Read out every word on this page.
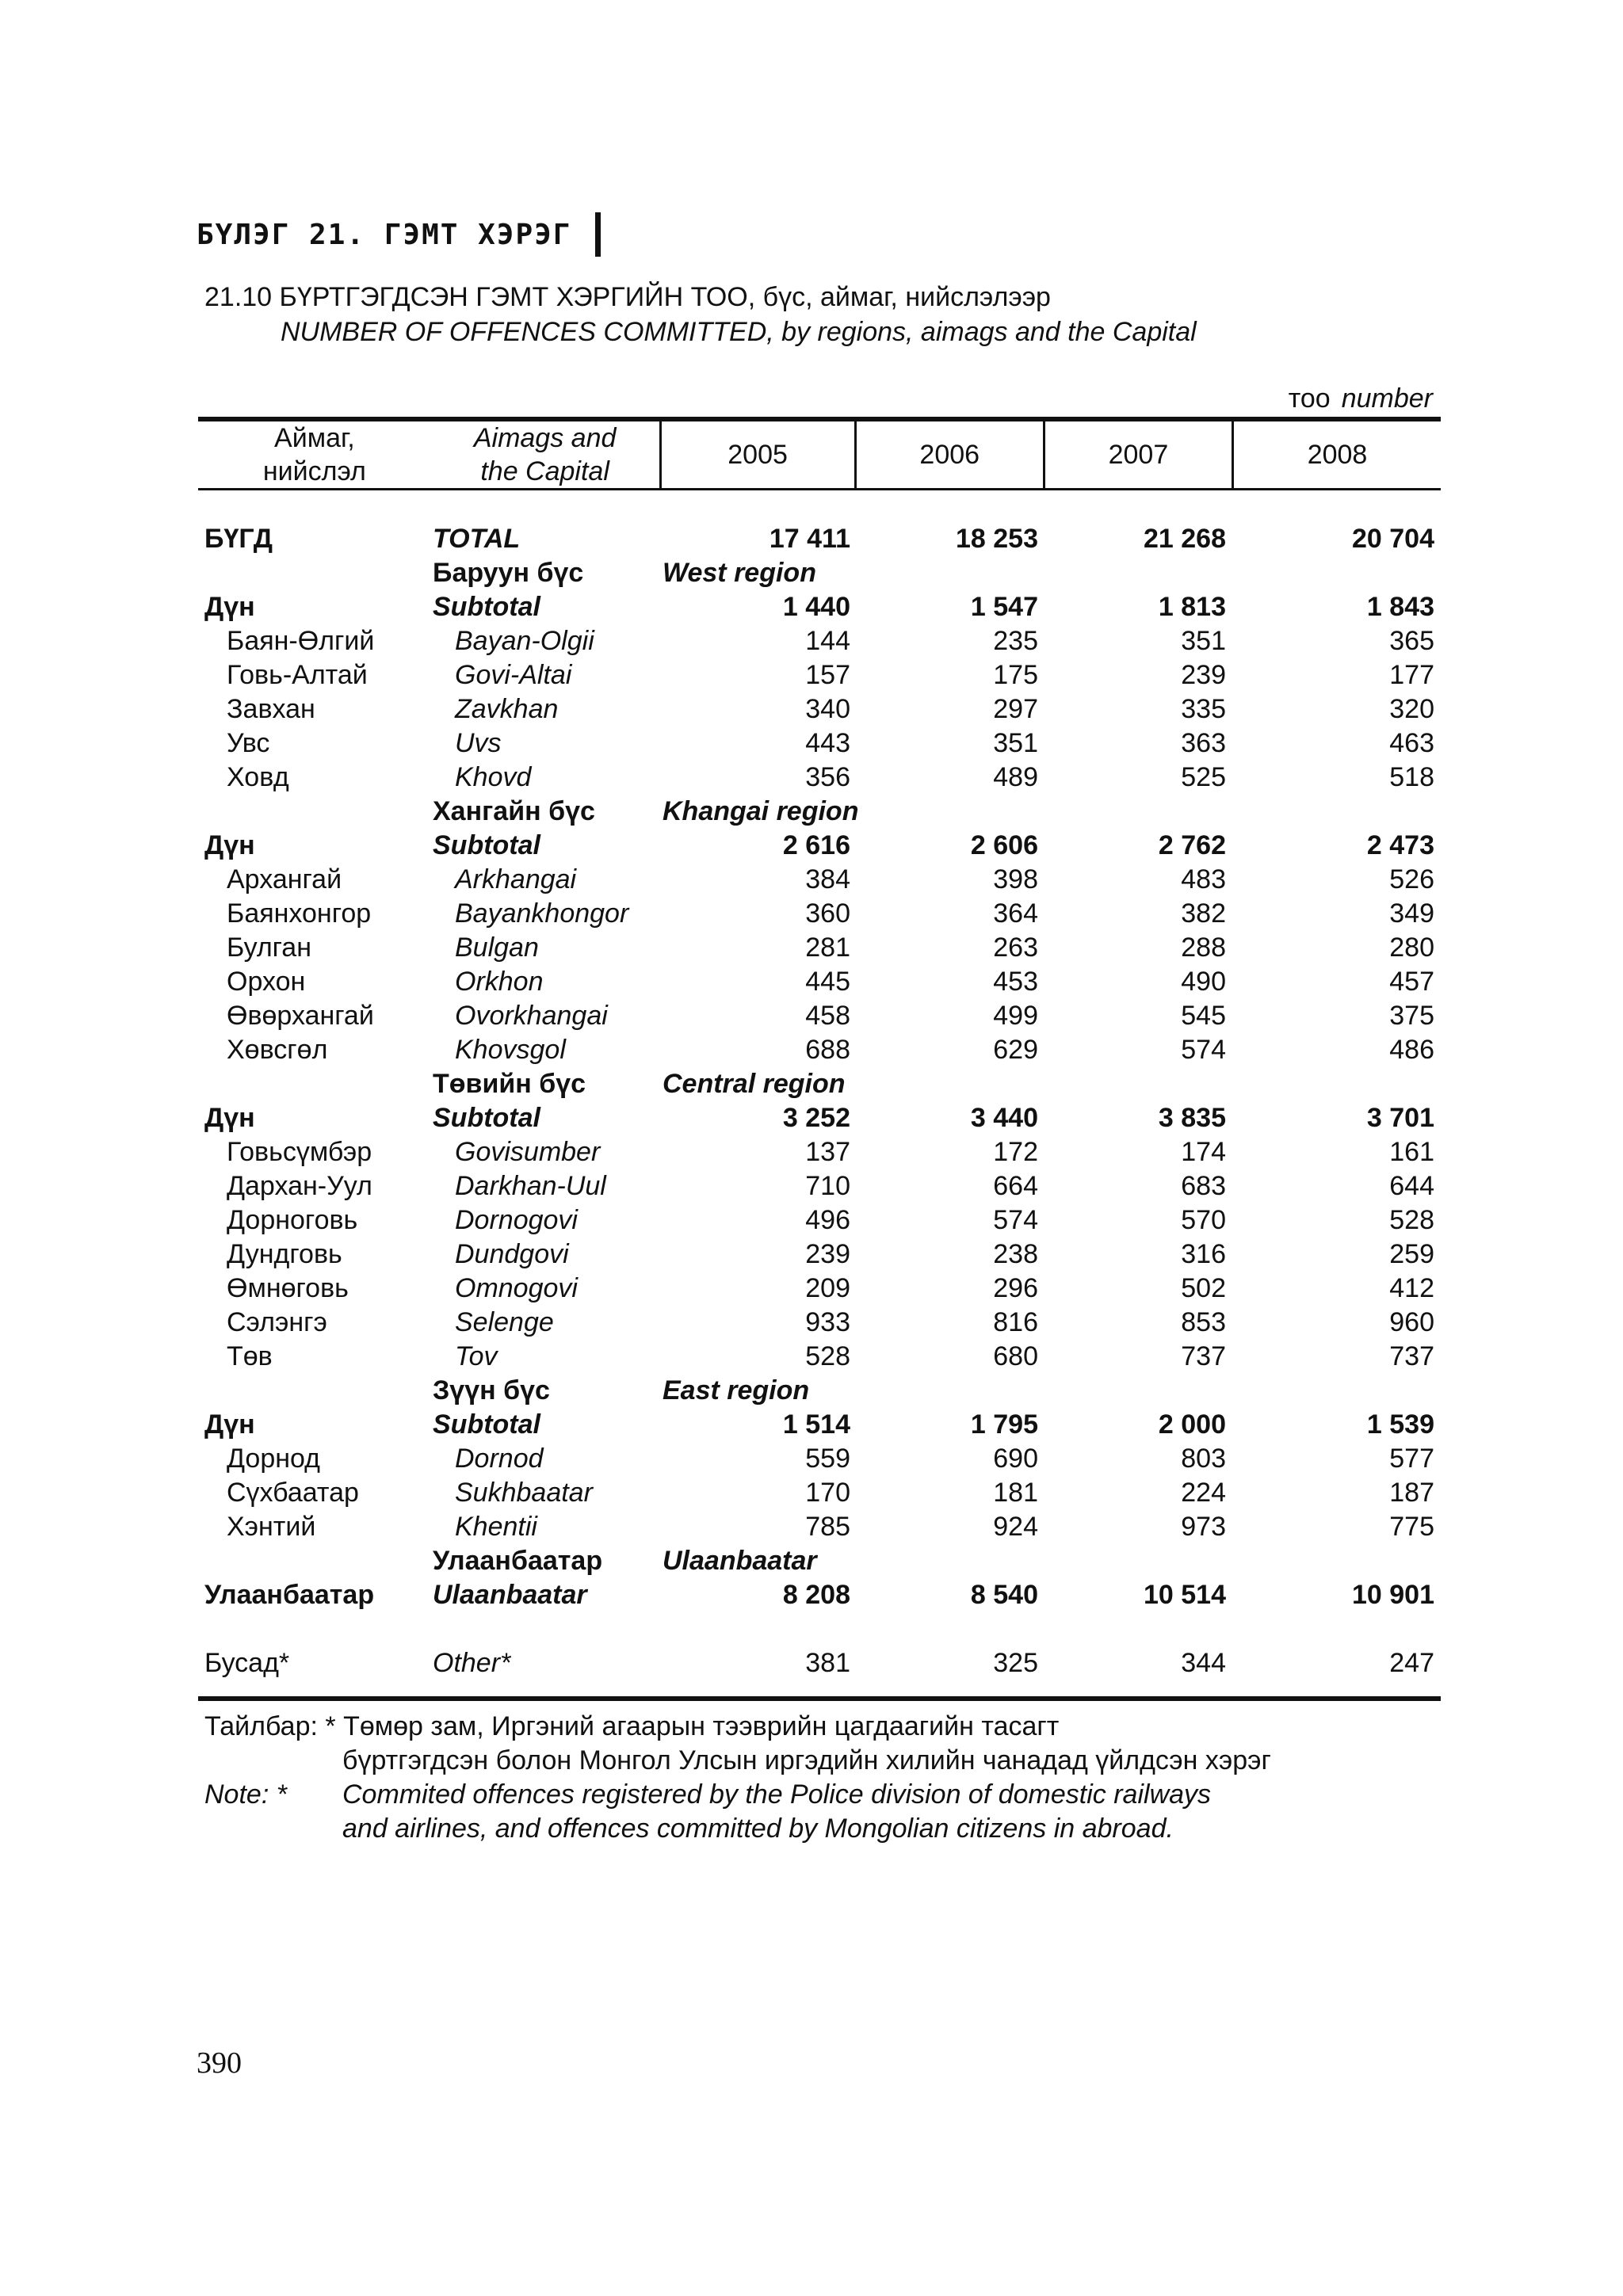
БҮЛЭГ 21. ГЭМТ ХЭРЭГ
21.10 БҮРТГЭГДСЭН ГЭМТ ХЭРГИЙН ТОО, бүс, аймаг, нийслэлээр
NUMBER OF OFFENCES COMMITTED, by regions, aimags and the Capital
тоо number
Аймаг,
нийслэл
Aimags and
the Capital
2005	2006	2007	2008
БҮГД	TOTAL	17 411	18 253	21 268	20 704
Баруун бүс	West region
Дүн	Subtotal	1 440	1 547	1 813	1 843
Баян-Өлгий	Bayan-Olgii	144	235	351	365
Говь-Алтай	Govi-Altai	157	175	239	177
Завхан	Zavkhan	340	297	335	320
Увс	Uvs	443	351	363	463
Ховд	Khovd	356	489	525	518
Хангайн бүс	Khangai region
Дүн	Subtotal	2 616	2 606	2 762	2 473
Архангай	Arkhangai	384	398	483	526
Баянхонгор	Bayankhongor	360	364	382	349
Булган	Bulgan	281	263	288	280
Орхон	Orkhon	445	453	490	457
Өвөрхангай	Ovorkhangai	458	499	545	375
Хөвсгөл	Khovsgol	688	629	574	486
Төвийн бүс	Central region
Дүн	Subtotal	3 252	3 440	3 835	3 701
Говьсүмбэр	Govisumber	137	172	174	161
Дархан-Уул	Darkhan-Uul	710	664	683	644
Дорноговь	Dornogovi	496	574	570	528
Дундговь	Dundgovi	239	238	316	259
Өмнөговь	Omnogovi	209	296	502	412
Сэлэнгэ	Selenge	933	816	853	960
Төв	Tov	528	680	737	737
Зүүн бүс	East region
Дүн	Subtotal	1 514	1 795	2 000	1 539
Дорнод	Dornod	559	690	803	577
Сүхбаатар	Sukhbaatar	170	181	224	187
Хэнтий	Khentii	785	924	973	775
Улаанбаатар	Ulaanbaatar
Улаанбаатар	Ulaanbaatar	8 208	8 540	10 514	10 901
Бусад*	Other*	381	325	344	247
Тайлбар: * Төмөр зам, Иргэний агаарын тээврийн цагдаагийн тасагт
бүртгэгдсэн болон Монгол Улсын иргэдийн хилийн чанадад үйлдсэн хэрэг
Note: *	Commited offences registered by the Police division of domestic railways
and airlines, and offences committed by Mongolian citizens in abroad.
390
